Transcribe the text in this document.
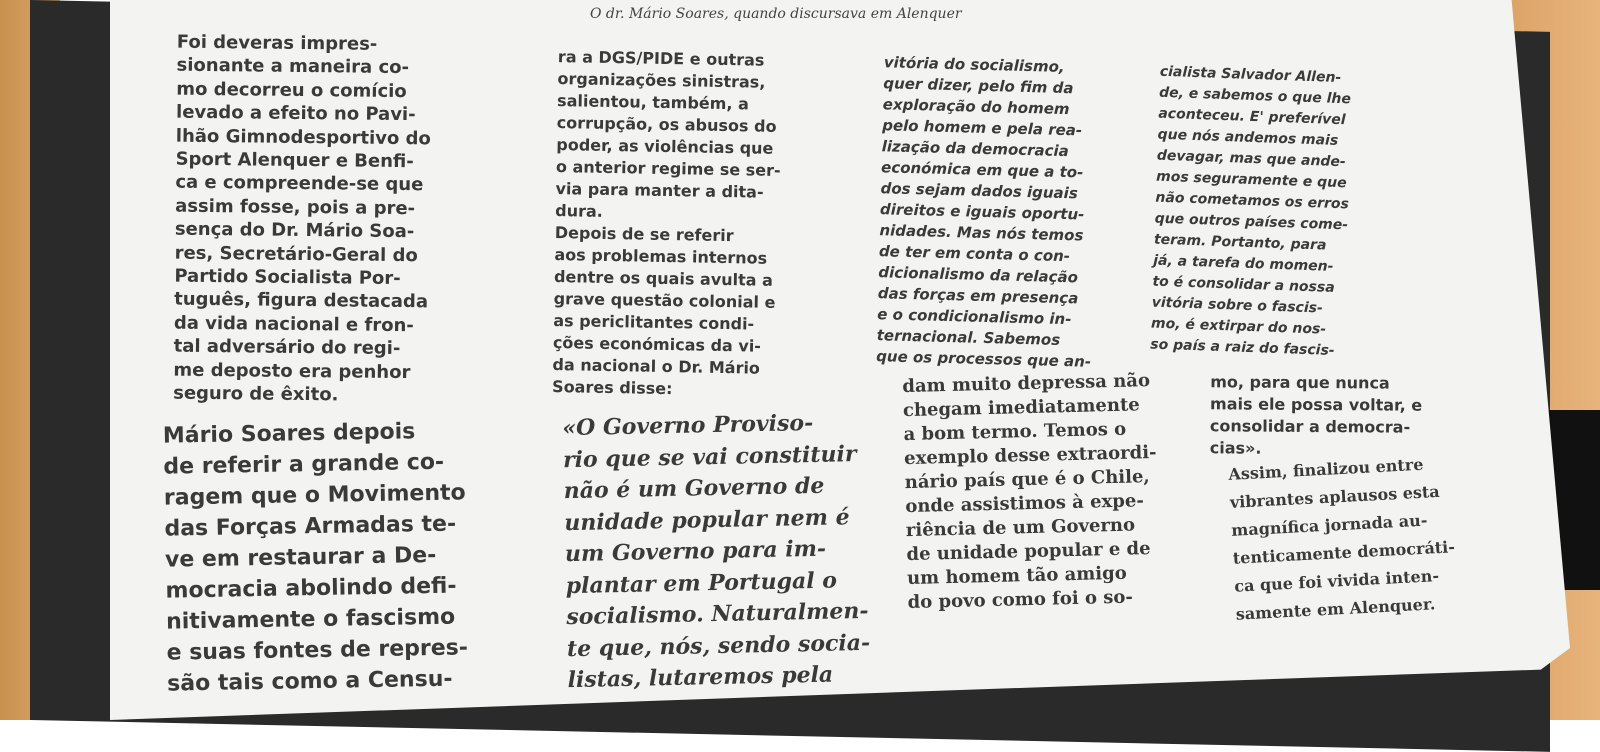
O dr. Mário Soares, quando discursava em Alenquer
Foi deveras impres-
sionante a maneira co-
mo decorreu o comício
levado a efeito no Pavi-
lhão Gimnodesportivo do
Sport Alenquer e Benfi-
ca e compreende-se que
assim fosse, pois a pre-
sença do Dr. Mário Soa-
res, Secretário-Geral do
Partido Socialista Por-
tuguês, figura destacada
da vida nacional e fron-
tal adversário do regi-
me deposto era penhor
seguro de êxito.
Mário Soares depois
de referir a grande co-
ragem que o Movimento
das Forças Armadas te-
ve em restaurar a De-
mocracia abolindo defi-
nitivamente o fascismo
e suas fontes de repres-
são tais como a Censu-
ra a DGS/PIDE e outras
organizações sinistras,
salientou, também, a
corrupção, os abusos do
poder, as violências que
o anterior regime se ser-
via para manter a dita-
dura.
Depois de se referir
aos problemas internos
dentre os quais avulta a
grave questão colonial e
as periclitantes condi-
ções económicas da vi-
da nacional o Dr. Mário
Soares disse:
«O Governo Proviso-
rio que se vai constituir
não é um Governo de
unidade popular nem é
um Governo para im-
plantar em Portugal o
socialismo. Naturalmen-
te que, nós, sendo socia-
listas, lutaremos pela
vitória do socialismo,
quer dizer, pelo fim da
exploração do homem
pelo homem e pela rea-
lização da democracia
económica em que a to-
dos sejam dados iguais
direitos e iguais oportu-
nidades. Mas nós temos
de ter em conta o con-
dicionalismo da relação
das forças em presença
e o condicionalismo in-
ternacional. Sabemos
que os processos que an-
dam muito depressa não
chegam imediatamente
a bom termo. Temos o
exemplo desse extraordi-
nário país que é o Chile,
onde assistimos à expe-
riência de um Governo
de unidade popular e de
um homem tão amigo
do povo como foi o so-
cialista Salvador Allen-
de, e sabemos o que lhe
aconteceu. E' preferível
que nós andemos mais
devagar, mas que ande-
mos seguramente e que
não cometamos os erros
que outros países come-
teram. Portanto, para
já, a tarefa do momen-
to é consolidar a nossa
vitória sobre o fascis-
mo, é extirpar do nos-
so país a raiz do fascis-
mo, para que nunca
mais ele possa voltar, e
consolidar a democra-
cias».
Assim, finalizou entre
vibrantes aplausos esta
magnífica jornada au-
tenticamente democráti-
ca que foi vivida inten-
samente em Alenquer.
